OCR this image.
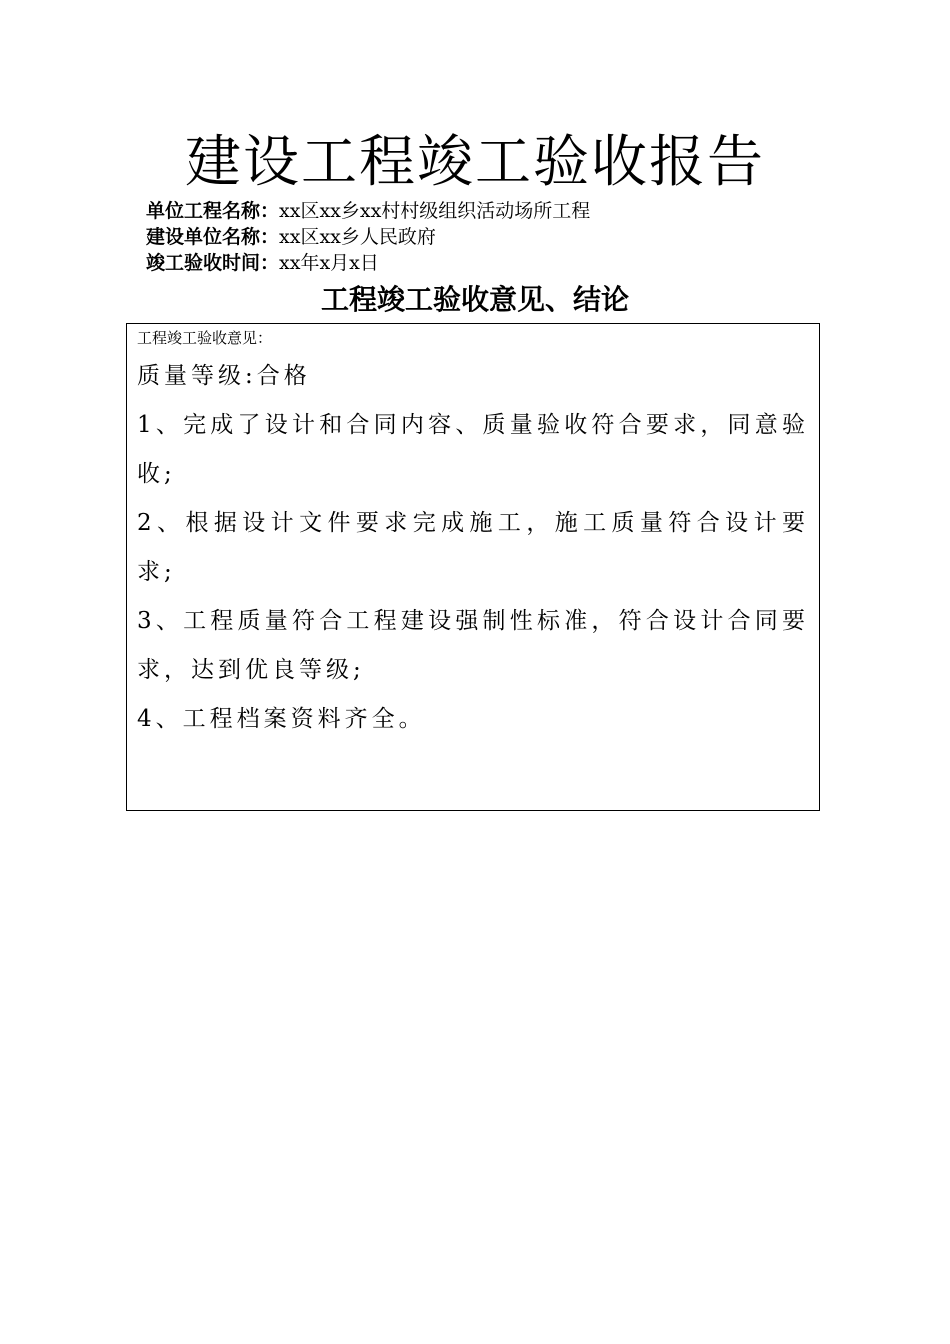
建设工程竣工验收报告
单位工程名称：xx区xx乡xx村村级组织活动场所工程
建设单位名称：xx区xx乡人民政府
竣工验收时间：xx年x月x日
工程竣工验收意见、结论
工程竣工验收意见：

质量等级:合格

1、完成了设计和合同内容、质量验收符合要求，同意验收;

2、根据设计文件要求完成施工，施工质量符合设计要求;

3、工程质量符合工程建设强制性标准，符合设计合同要求，达到优良等级;

4、工程档案资料齐全。
